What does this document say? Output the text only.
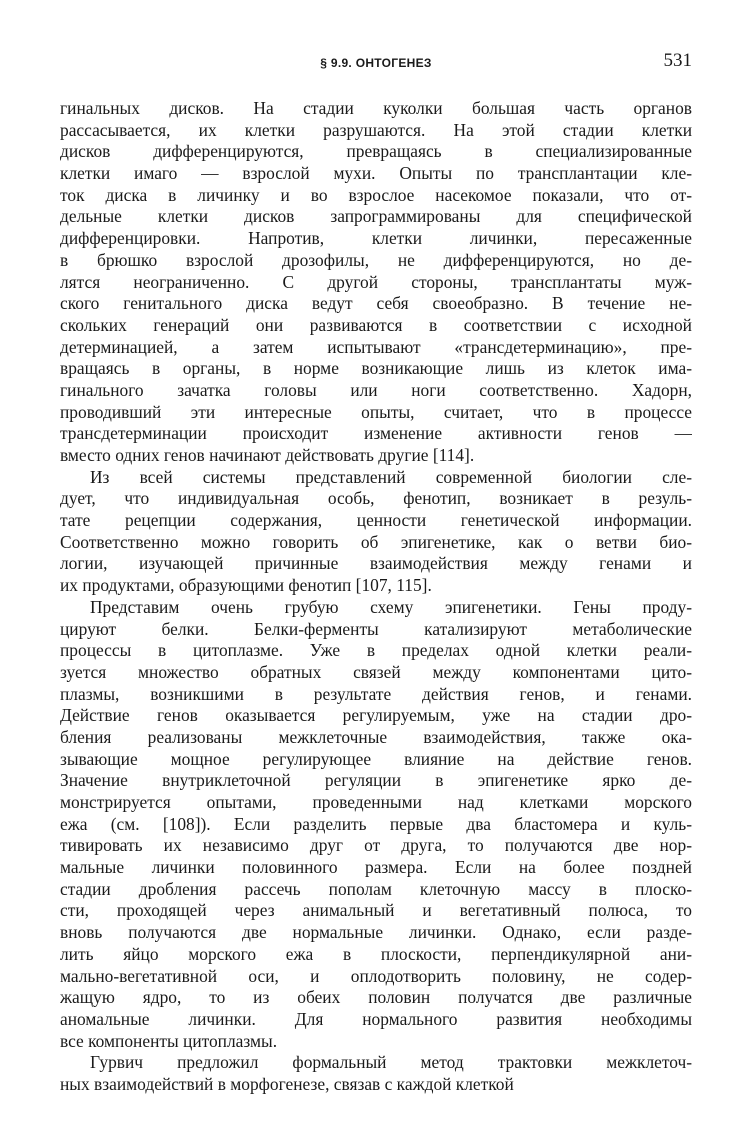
§ 9.9. ОНТОГЕНЕЗ	531
гинальных дисков. На стадии куколки большая часть органов
рассасывается, их клетки разрушаются. На этой стадии клетки
дисков дифференцируются, превращаясь в специализированные
клетки имаго — взрослой мухи. Опыты по трансплантации кле-
ток диска в личинку и во взрослое насекомое показали, что от-
дельные клетки дисков запрограммированы для специфической
дифференцировки. Напротив, клетки личинки, пересаженные
в брюшко взрослой дрозофилы, не дифференцируются, но де-
лятся неограниченно. С другой стороны, трансплантаты муж-
ского генитального диска ведут себя своеобразно. В течение не-
скольких генераций они развиваются в соответствии с исходной
детерминацией, а затем испытывают «трансдетерминацию», пре-
вращаясь в органы, в норме возникающие лишь из клеток има-
гинального зачатка головы или ноги соответственно. Хадорн,
проводивший эти интересные опыты, считает, что в процессе
трансдетерминации происходит изменение активности генов —
вместо одних генов начинают действовать другие [114].
Из всей системы представлений современной биологии сле-
дует, что индивидуальная особь, фенотип, возникает в резуль-
тате рецепции содержания, ценности генетической информации.
Соответственно можно говорить об эпигенетике, как о ветви био-
логии, изучающей причинные взаимодействия между генами и
их продуктами, образующими фенотип [107, 115].
Представим очень грубую схему эпигенетики. Гены проду-
цируют белки. Белки-ферменты катализируют метаболические
процессы в цитоплазме. Уже в пределах одной клетки реали-
зуется множество обратных связей между компонентами цито-
плазмы, возникшими в результате действия генов, и генами.
Действие генов оказывается регулируемым, уже на стадии дро-
бления реализованы межклеточные взаимодействия, также ока-
зывающие мощное регулирующее влияние на действие генов.
Значение внутриклеточной регуляции в эпигенетике ярко де-
монстрируется опытами, проведенными над клетками морского
ежа (см. [108]). Если разделить первые два бластомера и куль-
тивировать их независимо друг от друга, то получаются две нор-
мальные личинки половинного размера. Если на более поздней
стадии дробления рассечь пополам клеточную массу в плоско-
сти, проходящей через анимальный и вегетативный полюса, то
вновь получаются две нормальные личинки. Однако, если разде-
лить яйцо морского ежа в плоскости, перпендикулярной ани-
мально-вегетативной оси, и оплодотворить половину, не содер-
жащую ядро, то из обеих половин получатся две различные
аномальные личинки. Для нормального развития необходимы
все компоненты цитоплазмы.
Гурвич предложил формальный метод трактовки межклеточ-
ных взаимодействий в морфогенезе, связав с каждой клеткой
